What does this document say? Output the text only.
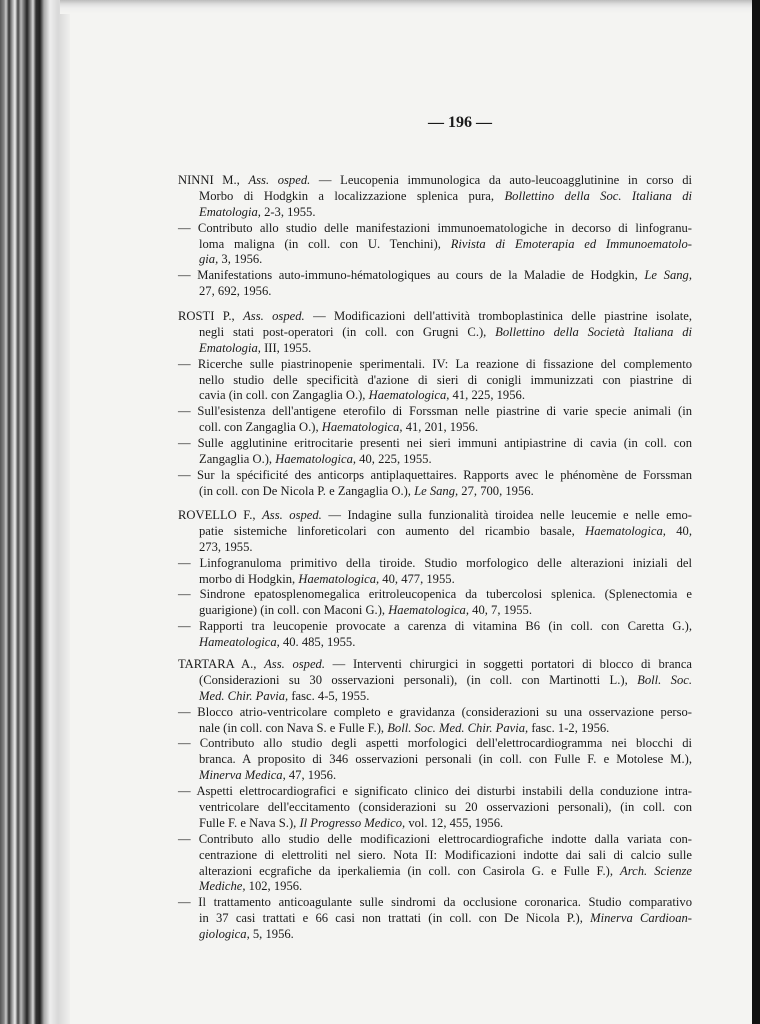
— 196 —
NINNI M., Ass. osped. — Leucopenia immunologica da auto-leucoagglutinine in corso di
Morbo di Hodgkin a localizzazione splenica pura, Bollettino della Soc. Italiana di
Ematologia, 2-3, 1955.
— Contributo allo studio delle manifestazioni immunoematologiche in decorso di linfogranu-
loma maligna (in coll. con U. Tenchini), Rivista di Emoterapia ed Immunoematolo-
gia, 3, 1956.
— Manifestations auto-immuno-hématologiques au cours de la Maladie de Hodgkin, Le Sang,
27, 692, 1956.
ROSTI P., Ass. osped. — Modificazioni dell'attività tromboplastinica delle piastrine isolate,
negli stati post-operatori (in coll. con Grugni C.), Bollettino della Società Italiana di
Ematologia, III, 1955.
— Ricerche sulle piastrinopenie sperimentali. IV: La reazione di fissazione del complemento
nello studio delle specificità d'azione di sieri di conigli immunizzati con piastrine di
cavia (in coll. con Zangaglia O.), Haematologica, 41, 225, 1956.
— Sull'esistenza dell'antigene eterofilo di Forssman nelle piastrine di varie specie animali (in
coll. con Zangaglia O.), Haematologica, 41, 201, 1956.
— Sulle agglutinine eritrocitarie presenti nei sieri immuni antipiastrine di cavia (in coll. con
Zangaglia O.), Haematologica, 40, 225, 1955.
— Sur la spécificité des anticorps antiplaquettaires. Rapports avec le phénomène de Forssman
(in coll. con De Nicola P. e Zangaglia O.), Le Sang, 27, 700, 1956.
ROVELLO F., Ass. osped. — Indagine sulla funzionalità tiroidea nelle leucemie e nelle emo-
patie sistemiche linforeticolari con aumento del ricambio basale, Haematologica, 40,
273, 1955.
— Linfogranuloma primitivo della tiroide. Studio morfologico delle alterazioni iniziali del
morbo di Hodgkin, Haematologica, 40, 477, 1955.
— Sindrone epatosplenomegalica eritroleucopenica da tubercolosi splenica. (Splenectomia e
guarigione) (in coll. con Maconi G.), Haematologica, 40, 7, 1955.
— Rapporti tra leucopenie provocate a carenza di vitamina B6 (in coll. con Caretta G.),
Hameatologica, 40. 485, 1955.
TARTARA A., Ass. osped. — Interventi chirurgici in soggetti portatori di blocco di branca
(Considerazioni su 30 osservazioni personali), (in coll. con Martinotti L.), Boll. Soc.
Med. Chir. Pavia, fasc. 4-5, 1955.
— Blocco atrio-ventricolare completo e gravidanza (considerazioni su una osservazione perso-
nale (in coll. con Nava S. e Fulle F.), Boll. Soc. Med. Chir. Pavia, fasc. 1-2, 1956.
— Contributo allo studio degli aspetti morfologici dell'elettrocardiogramma nei blocchi di
branca. A proposito di 346 osservazioni personali (in coll. con Fulle F. e Motolese M.),
Minerva Medica, 47, 1956.
— Aspetti elettrocardiografici e significato clinico dei disturbi instabili della conduzione intra-
ventricolare dell'eccitamento (considerazioni su 20 osservazioni personali), (in coll. con
Fulle F. e Nava S.), Il Progresso Medico, vol. 12, 455, 1956.
— Contributo allo studio delle modificazioni elettrocardiografiche indotte dalla variata con-
centrazione di elettroliti nel siero. Nota II: Modificazioni indotte dai sali di calcio sulle
alterazioni ecgrafiche da iperkaliemia (in coll. con Casirola G. e Fulle F.), Arch. Scienze
Mediche, 102, 1956.
— Il trattamento anticoagulante sulle sindromi da occlusione coronarica. Studio comparativo
in 37 casi trattati e 66 casi non trattati (in coll. con De Nicola P.), Minerva Cardioan-
giologica, 5, 1956.
